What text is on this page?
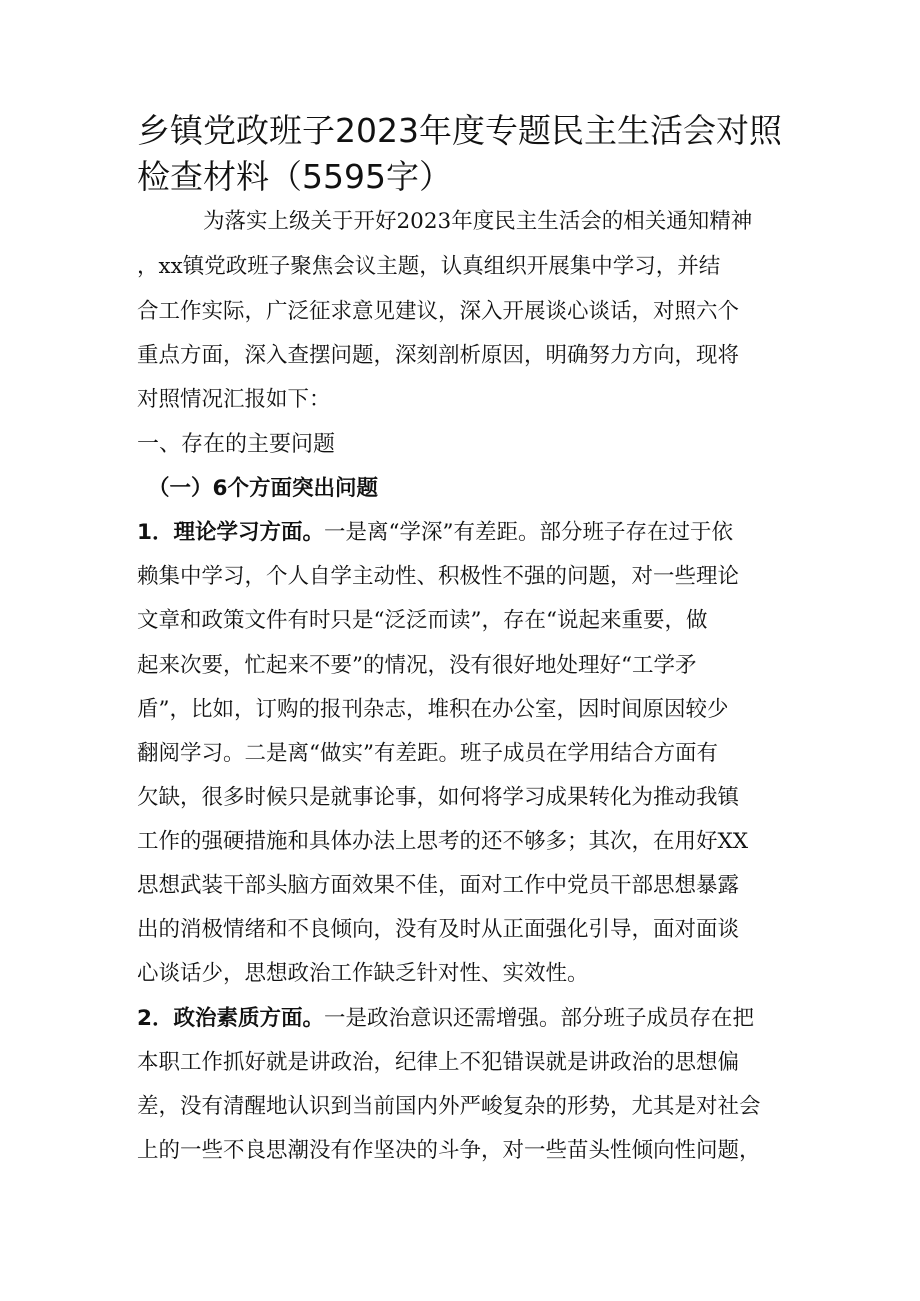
乡镇党政班子2023年度专题民主生活会对照
检查材料（5595字）

为落实上级关于开好2023年度民主生活会的相关通知精神

，xx镇党政班子聚焦会议主题，认真组织开展集中学习，并结

合工作实际，广泛征求意见建议，深入开展谈心谈话，对照六个

重点方面，深入查摆问题，深刻剖析原因，明确努力方向，现将

对照情况汇报如下：

一、存在的主要问题

（一）6个方面突出问题

1．理论学习方面。一是离“学深”有差距。部分班子存在过于依

赖集中学习，个人自学主动性、积极性不强的问题，对一些理论

文章和政策文件有时只是“泛泛而读”，存在“说起来重要，做

起来次要，忙起来不要”的情况，没有很好地处理好“工学矛

盾”，比如，订购的报刊杂志，堆积在办公室，因时间原因较少

翻阅学习。二是离“做实”有差距。班子成员在学用结合方面有

欠缺，很多时候只是就事论事，如何将学习成果转化为推动我镇

工作的强硬措施和具体办法上思考的还不够多；其次，在用好XX

思想武装干部头脑方面效果不佳，面对工作中党员干部思想暴露

出的消极情绪和不良倾向，没有及时从正面强化引导，面对面谈

心谈话少，思想政治工作缺乏针对性、实效性。

2．政治素质方面。一是政治意识还需增强。部分班子成员存在把

本职工作抓好就是讲政治，纪律上不犯错误就是讲政治的思想偏

差，没有清醒地认识到当前国内外严峻复杂的形势，尤其是对社会

上的一些不良思潮没有作坚决的斗争，对一些苗头性倾向性问题，
